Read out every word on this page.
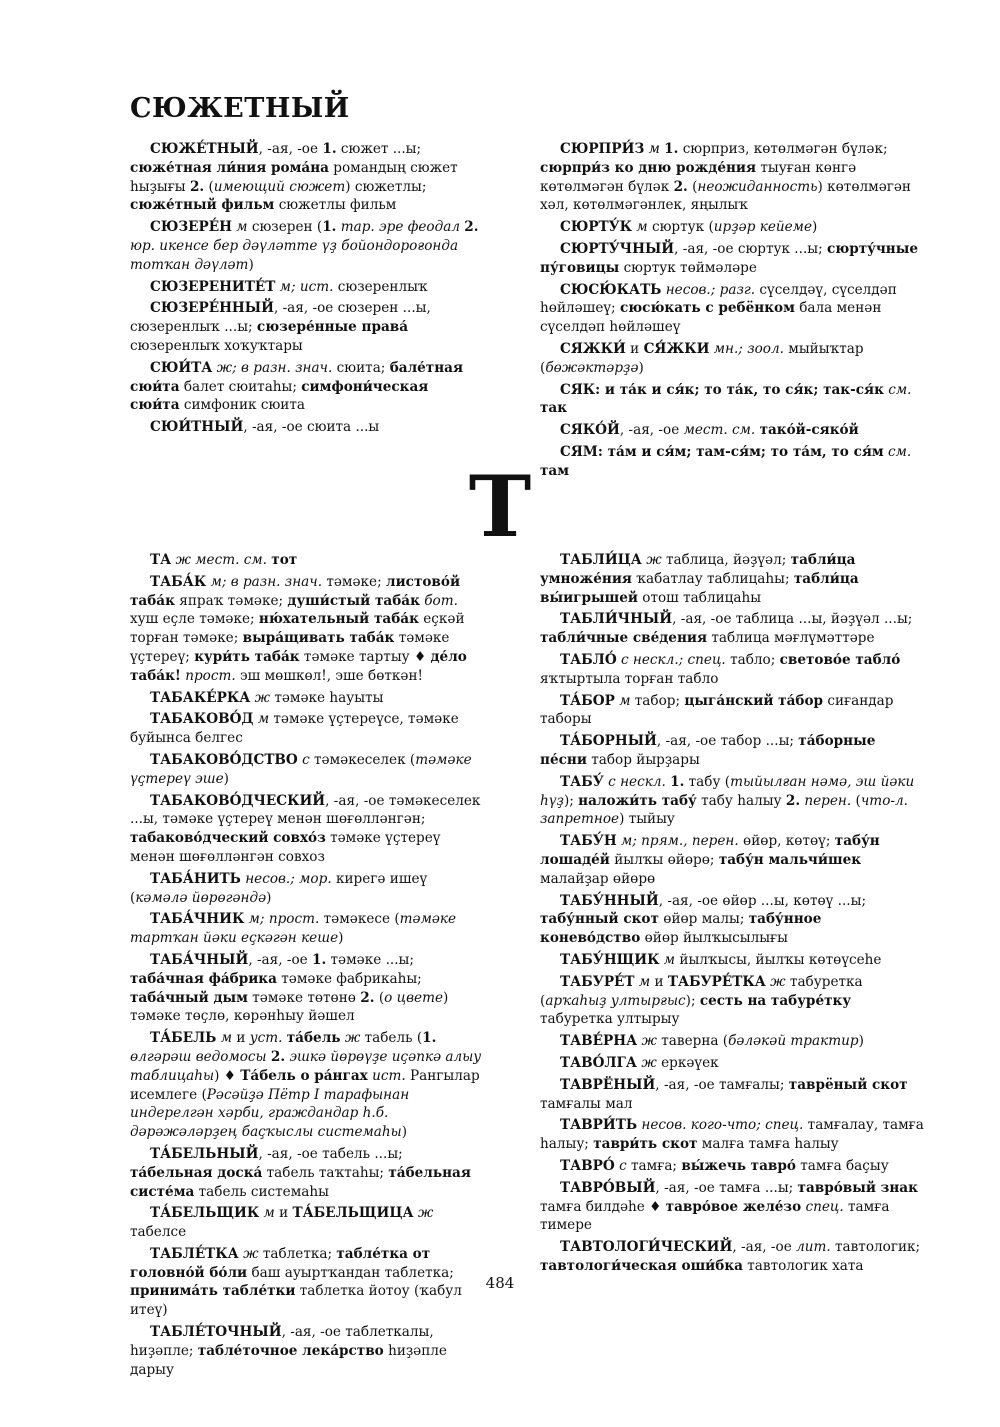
СЮЖЕТНЫЙ

СЮЖЕ́ТНЫЙ, -ая, -ое 1. сюжет ...ы; сюже́тная ли́ния рома́на романдың сюжет һыҙығы 2. (имеющий сюжет) сюжетлы; сюже́тный фильм сюжетлы фильм

СЮЗЕРЕ́Н м сюзерен (1. тар. эре феодал 2. юр. икенсе бер дәүләтте үҙ бойондороғонда тотҡан дәүләт)

СЮЗЕРЕНИТЕ́Т м; ист. сюзеренлыҡ

СЮЗЕРЕ́ННЫЙ, -ая, -ое сюзерен ...ы, сюзеренлыҡ ...ы; сюзере́нные права́ сюзеренлыҡ хоҡуҡтары

СЮИ́ТА ж; в разн. знач. сюита; бале́тная сюи́та балет сюитаһы; симфони́ческая сюи́та симфоник сюита

СЮИ́ТНЫЙ, -ая, -ое сюита ...ы

СЮРПРИ́З м 1. сюрприз, көтөлмәгән бүләк; сюрпри́з ко дню рожде́ния тыуған көнгә көтөлмәгән бүләк 2. (неожиданность) көтөлмәгән хәл, көтөлмәгәнлек, яңылыҡ

СЮРТУ́К м сюртук (ирҙәр кейеме)

СЮРТУ́ЧНЫЙ, -ая, -ое сюртук ...ы; сюрту́чные пу́говицы сюртук төймәләре

СЮСЮ́КАТЬ несов.; разг. сүселдәү, сүселдәп һөйләшеү; сюсю́кать с ребёнком бала менән сүселдәп һөйләшеү

СЯЖКИ́ и СЯ́ЖКИ мн.; зоол. мыйыҡтар (бөжәктәрҙә)

СЯК: и та́к и ся́к; то та́к, то ся́к; так-ся́к см. так

СЯКО́Й, -ая, -ое мест. см. тако́й-сяко́й

СЯМ: та́м и ся́м; там-ся́м; то та́м, то ся́м см. там

Т

ТА ж мест. см. тот

ТАБА́К м; в разн. знач. тәмәке; листово́й таба́к япраҡ тәмәке; души́стый таба́к бот. хуш еҫле тәмәке; ню́хательный таба́к еҫкәй торған тәмәке; выра́щивать таба́к тәмәке үҫтереү; кури́ть таба́к тәмәке тартыу ♦ де́ло таба́к! прост. эш мөшкөл!, эше бөткән!

ТАБАКЕ́РКА ж тәмәке һауыты

ТАБАКОВО́Д м тәмәке үҫтереүсе, тәмәке буйынса белгес

ТАБАКОВО́ДСТВО с тәмәкеселек (тәмәке үҫтереү эше)

ТАБАКОВО́ДЧЕСКИЙ, -ая, -ое тәмәкеселек ...ы, тәмәке үҫтереү менән шөғөлләнгән; табаково́дческий совхо́з тәмәке үҫтереү менән шөғөлләнгән совхоз

ТАБА́НИТЬ несов.; мор. кирегә ишеү (кәмәлә йөрөгәндә)

ТАБА́ЧНИК м; прост. тәмәкесе (тәмәке тартҡан йәки еҫкәгән кеше)

ТАБА́ЧНЫЙ, -ая, -ое 1. тәмәке ...ы; таба́чная фа́брика тәмәке фабрикаһы; таба́чный дым тәмәке төтөнө 2. (о цвете) тәмәке төҫлө, көрәнһыу йәшел

ТА́БЕЛЬ м и уст. та́бель ж табель (1. өлгәрәш ведомосы 2. эшкә йөрөүҙе иҫәпкә алыу таблицаһы) ♦ Та́бель о ра́нгах ист. Рангылар исемлеге (Рәсәйҙә Пётр I тарафынан индерелгән хәрби, граждандар һ.б. дәрәжәләрҙең баҫҡыслы системаһы)

ТА́БЕЛЬНЫЙ, -ая, -ое табель ...ы; та́бельная доска́ табель таҡтаһы; та́бельная систе́ма табель системаһы

ТА́БЕЛЬЩИК м и ТА́БЕЛЬЩИЦА ж табелсе

ТАБЛЕ́ТКА ж таблетка; табле́тка от головно́й бо́ли баш ауыртҡандан таблетка; принима́ть табле́тки таблетка йотоу (ҡабул итеү)

ТАБЛЕ́ТОЧНЫЙ, -ая, -ое таблеткалы, һиҙәпле; табле́точное лека́рство һиҙәпле дарыу

ТАБЛИ́ЦА ж таблица, йәҙүәл; табли́ца умноже́ния ҡабатлау таблицаһы; табли́ца вы́игрышей отош таблицаһы

ТАБЛИ́ЧНЫЙ, -ая, -ое таблица ...ы, йәҙүәл ...ы; табли́чные све́дения таблица мәғлүмәттәре

ТАБЛО́ с нескл.; спец. табло; светово́е табло́ яҡтыртыла торған табло

ТА́БОР м табор; цыга́нский та́бор сиғандар таборы

ТА́БОРНЫЙ, -ая, -ое табор ...ы; та́борные пе́сни табор йырҙары

ТАБУ́ с нескл. 1. табу (тыйылған нәмә, эш йәки һүҙ); наложи́ть табу́ табу һалыу 2. перен. (что-л. запретное) тыйыу

ТАБУ́Н м; прям., перен. өйөр, көтөү; табу́н лошаде́й йылҡы өйөрө; табу́н мальчи́шек малайҙар өйөрө

ТАБУ́ННЫЙ, -ая, -ое өйөр ...ы, көтөү ...ы; табу́нный скот өйөр малы; табу́нное конево́дство өйөр йылҡысылығы

ТАБУ́НЩИК м йылҡысы, йылҡы көтөүсеһе

ТАБУРЕ́Т м и ТАБУРЕ́ТКА ж табуретка (арҡаһыҙ ултырғыс); сесть на табуре́тку табуретка ултырыу

ТАВЕ́РНА ж таверна (бәләкәй трактир)

ТАВО́ЛГА ж еркәүек

ТАВРЁНЫЙ, -ая, -ое тамғалы; таврёный скот тамғалы мал

ТАВРИ́ТЬ несов. кого-что; спец. тамғалау, тамға һалыу; таври́ть скот малға тамға һалыу

ТАВРО́ с тамға; вы́жечь тавро́ тамға баҫыу

ТАВРО́ВЫЙ, -ая, -ое тамға ...ы; тавро́вый знак тамға билдәһе ♦ тавро́вое желе́зо спец. тамға тимере

ТАВТОЛОГИ́ЧЕСКИЙ, -ая, -ое лит. тавтологик; тавтологи́ческая оши́бка тавтологик хата

484
